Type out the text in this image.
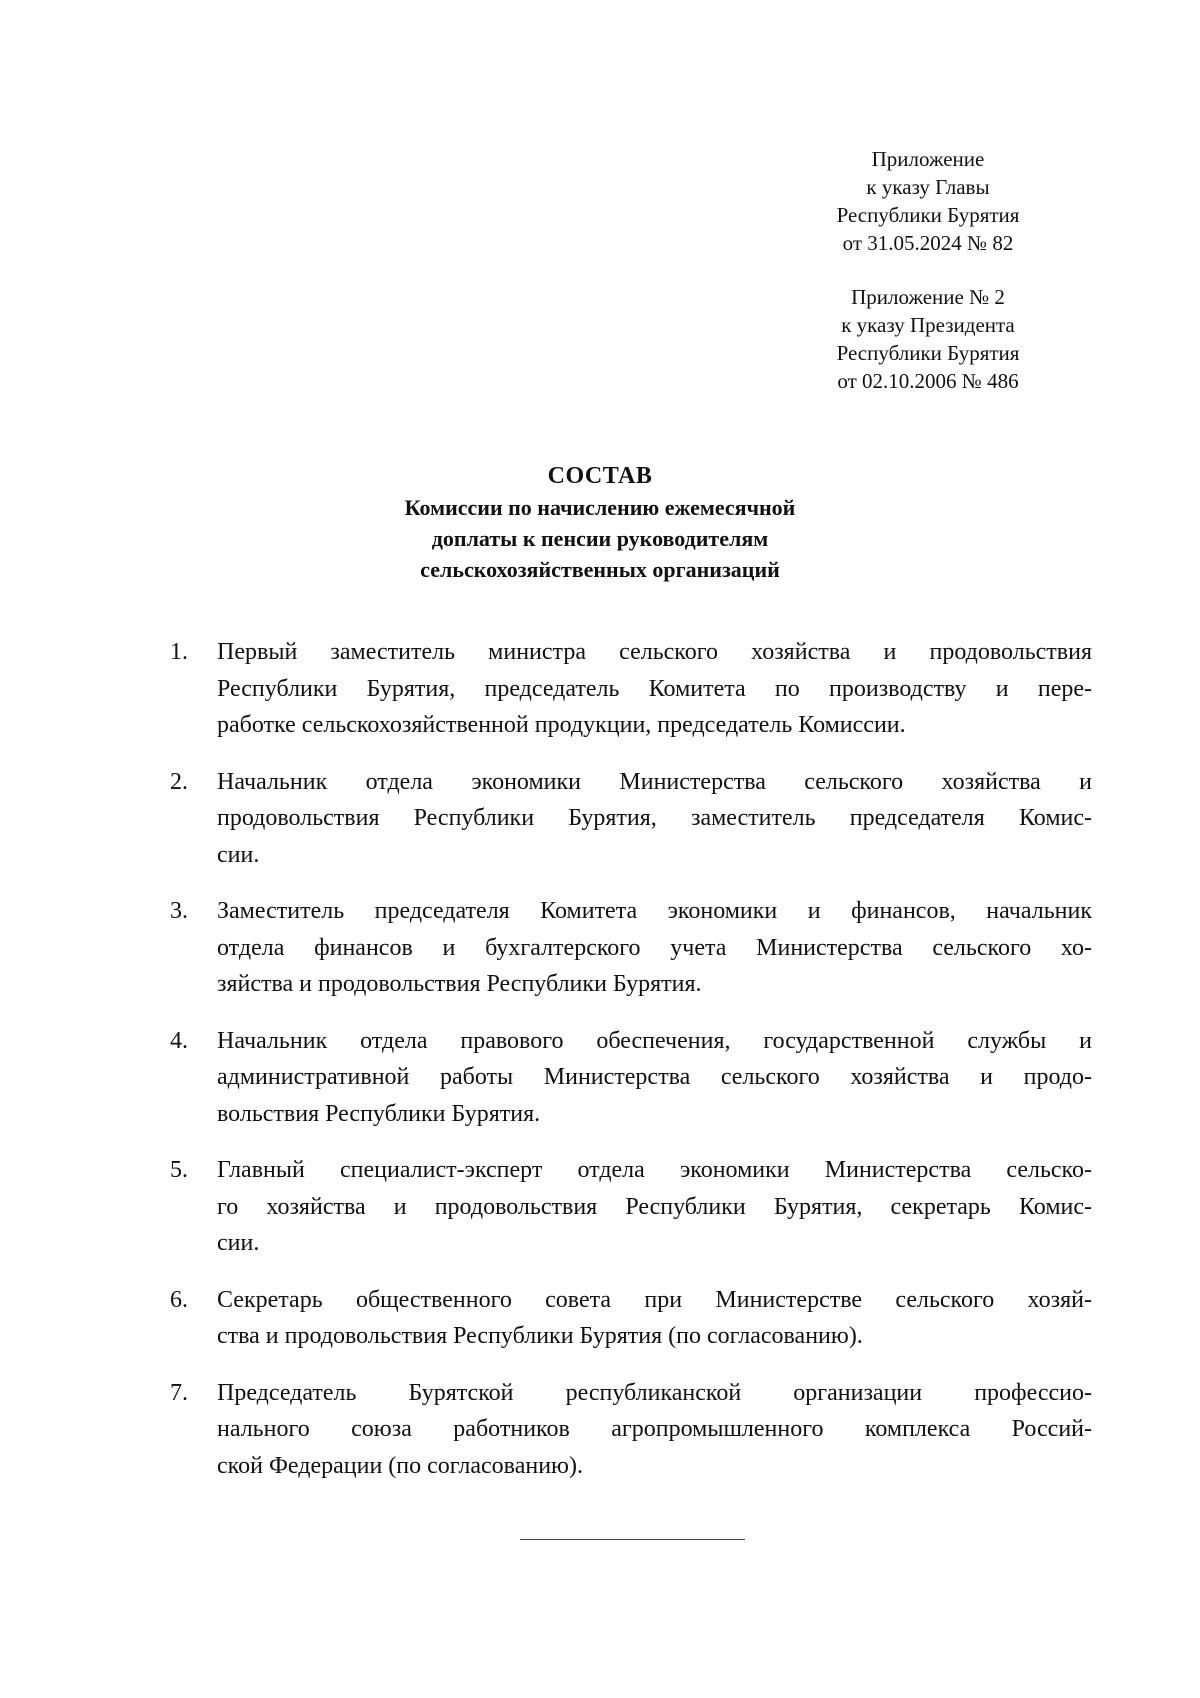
Приложение
к указу Главы
Республики Бурятия
от 31.05.2024 № 82
Приложение № 2
к указу Президента
Республики Бурятия
от 02.10.2006 № 486
СОСТАВ
Комиссии по начислению ежемесячной
доплаты к пенсии руководителям
сельскохозяйственных организаций
1.	Первый заместитель министра сельского хозяйства и продовольствия
Республики Бурятия, председатель Комитета по производству и пере-
работке сельскохозяйственной продукции, председатель Комиссии.
2.	Начальник отдела экономики Министерства сельского хозяйства и
продовольствия Республики Бурятия, заместитель председателя Комис-
сии.
3.	Заместитель председателя Комитета экономики и финансов, начальник
отдела финансов и бухгалтерского учета Министерства сельского хо-
зяйства и продовольствия Республики Бурятия.
4.	Начальник отдела правового обеспечения, государственной службы и
административной работы Министерства сельского хозяйства и продо-
вольствия Республики Бурятия.
5.	Главный специалист-эксперт отдела экономики Министерства сельско-
го хозяйства и продовольствия Республики Бурятия, секретарь Комис-
сии.
6.	Секретарь общественного совета при Министерстве сельского хозяй-
ства и продовольствия Республики Бурятия (по согласованию).
7.	Председатель Бурятской республиканской организации профессио-
нального союза работников агропромышленного комплекса Россий-
ской Федерации (по согласованию).
